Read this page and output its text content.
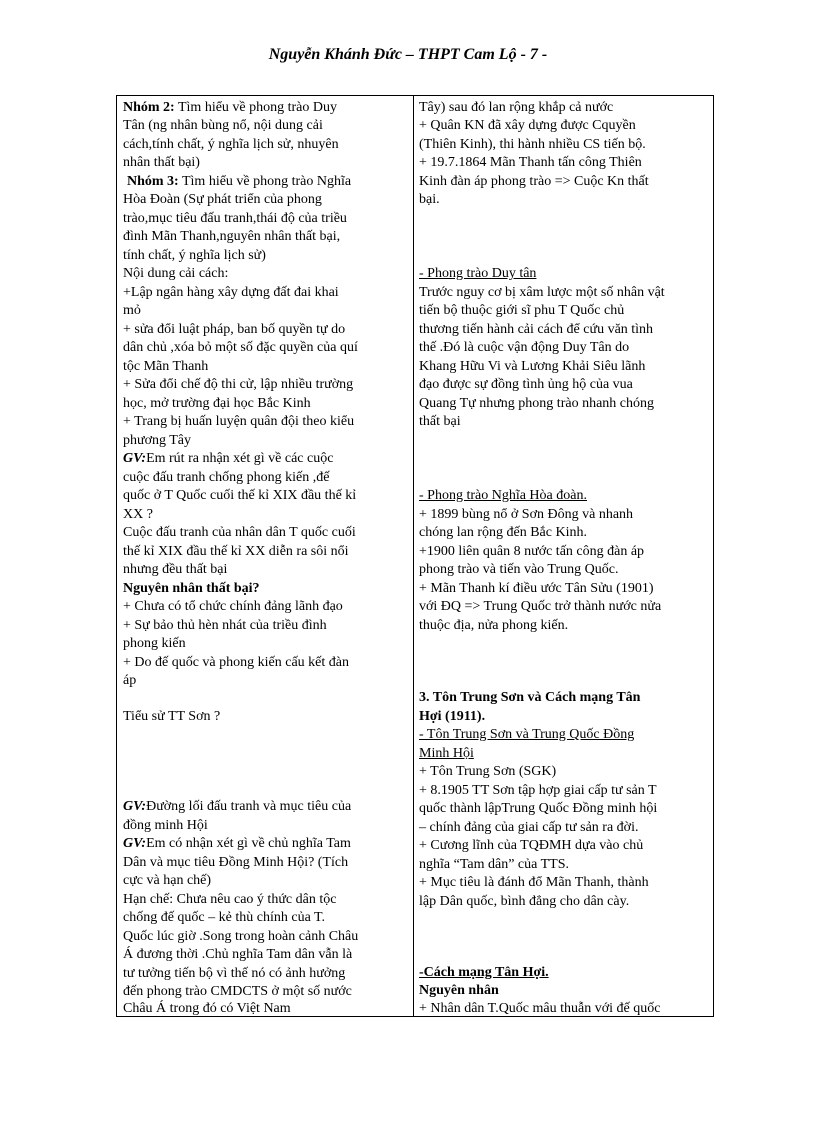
Nguyễn Khánh Đức – THPT Cam Lộ - 7 -
Nhóm 2: Tìm hiểu về phong trào Duy
Tân (ng nhân bùng nổ, nội dung cải
cách,tính chất, ý nghĩa lịch sử, nhuyên
nhân thất bại)
Nhóm 3: Tìm hiểu về phong trào Nghĩa
Hòa Đoàn (Sự phát triển của phong
trào,mục tiêu đấu tranh,thái độ của triều
đình Mãn Thanh,nguyên nhân thất bại,
tính chất, ý nghĩa lịch sử)
Nội dung cải cách:
+Lập ngân hàng xây dựng đất đai khai
mỏ
+ sửa đổi luật pháp, ban bố quyền tự do
dân chủ ,xóa bỏ một số đặc quyền của quí
tộc Mãn Thanh
+ Sửa đổi chế độ thi cử, lập nhiều trường
học, mở trường đại học Bắc Kinh
+ Trang bị huấn luyện quân đội theo kiểu
phương Tây
GV:Em rút ra nhận xét gì về các cuộc
cuộc đấu tranh chống phong kiến ,đế
quốc ở T Quốc cuối thế kỉ XIX đầu thế kỉ
XX ?
Cuộc đấu tranh của nhân dân T quốc cuối
thế kỉ XIX đầu thế kỉ XX diễn ra sôi nổi
nhưng đều thất bại
Nguyên nhân thất bại?
+ Chưa có tổ chức chính đảng lãnh đạo
+ Sự bảo thủ hèn nhát của triều đình
phong kiến
+ Do đế quốc và phong kiến cấu kết đàn
áp
Tiểu sử TT Sơn ?
GV:Đường lối đấu tranh và mục tiêu của
đồng minh Hội
GV:Em có nhận xét gì về chủ nghĩa Tam
Dân và mục tiêu Đồng Minh Hội? (Tích
cực và hạn chế)
Hạn chế: Chưa nêu cao ý thức dân tộc
chống đế quốc – kẻ thù chính của T.
Quốc lúc giờ .Song trong hoàn cảnh Châu
Á đương thời .Chủ nghĩa Tam dân vẫn là
tư tưởng tiến bộ vì thế nó có ảnh hưởng
đến phong trào CMDCTS ở một số nước
Châu Á trong đó có Việt Nam
Tây) sau đó lan rộng khắp cả nước
+ Quân KN đã xây dựng được Cquyền
(Thiên Kinh), thi hành nhiều CS tiến bộ.
+ 19.7.1864 Mãn Thanh tấn công Thiên
Kinh đàn áp phong trào => Cuộc Kn thất
bại.
- Phong trào Duy tân
Trước nguy cơ bị xâm lược một số nhân vật
tiến bộ thuộc giới sĩ phu T Quốc chủ
thương tiến hành cải cách để cứu văn tình
thế .Đó là cuộc vận động Duy Tân do
Khang Hữu Vi và Lương Khải Siêu lãnh
đạo được sự đồng tình ủng hộ của vua
Quang Tự nhưng phong trào nhanh chóng
thất bại
- Phong trào Nghĩa Hòa đoàn.
+ 1899 bùng nổ ở Sơn Đông và nhanh
chóng lan rộng đến Bắc Kinh.
+1900 liên quân 8 nước tấn công đàn áp
phong trào và tiến vào Trung Quốc.
+ Mãn Thanh kí điều ước Tân Sửu (1901)
với ĐQ => Trung Quốc trở thành nước nửa
thuộc địa, nửa phong kiến.
3. Tôn Trung Sơn và Cách mạng Tân
Hợi (1911).
- Tôn Trung Sơn và Trung Quốc Đồng
Minh Hội
+ Tôn Trung Sơn (SGK)
+ 8.1905 TT Sơn tập hợp giai cấp tư sản T
quốc thành lậpTrung Quốc Đồng minh hội
– chính đảng của giai cấp tư sản ra đời.
+ Cương lĩnh của TQĐMH dựa vào chủ
nghĩa “Tam dân” của TTS.
+ Mục tiêu là đánh đổ Mãn Thanh, thành
lập Dân quốc, bình đẳng cho dân cày.
-Cách mạng Tân Hợi.
Nguyên nhân
+ Nhân dân T.Quốc mâu thuẫn với đế quốc
